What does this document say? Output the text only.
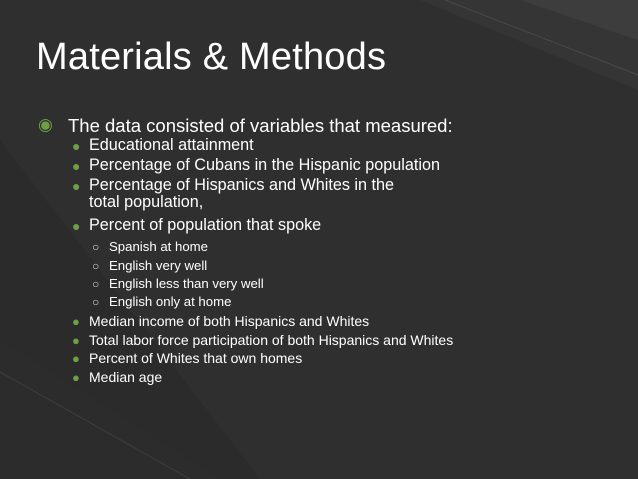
Materials & Methods
◉ The data consisted of variables that measured:
● Educational attainment
● Percentage of Cubans in the Hispanic population
● Percentage of Hispanics and Whites in the
total population,
● Percent of population that spoke
○ Spanish at home
○ English very well
○ English less than very well
○ English only at home
● Median income of both Hispanics and Whites
● Total labor force participation of both Hispanics and Whites
● Percent of Whites that own homes
● Median age
